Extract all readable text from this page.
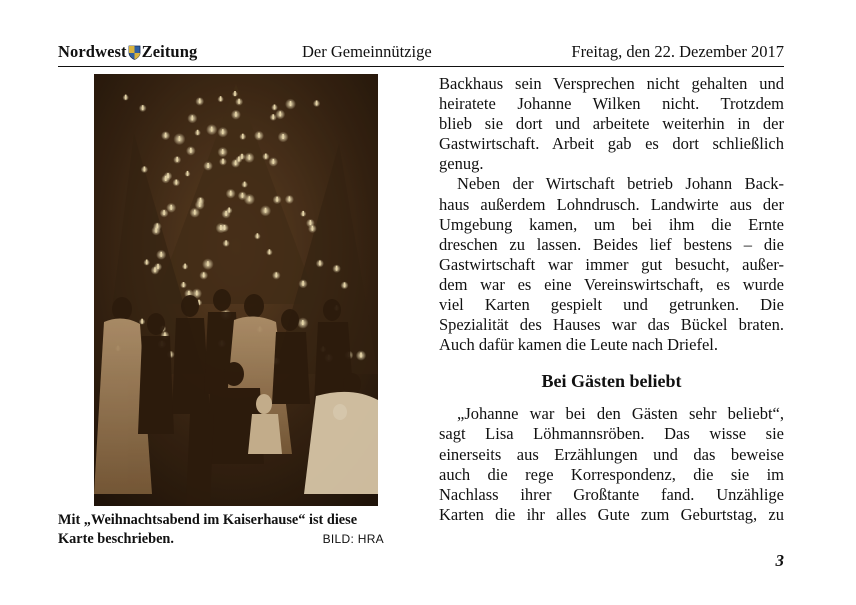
Nordwest Zeitung	Der Gemeinnützige	Freitag, den 22. Dezember 2017
Mit „Weihnachtsabend im Kaiserhause“ ist diese
Karte beschrieben.	BILD: HRA

Backhaus sein Versprechen nicht gehalten und
heiratete Johanne Wilken nicht. Trotzdem
blieb sie dort und arbeitete weiterhin in der
Gastwirtschaft. Arbeit gab es dort schließlich
genug.

Neben der Wirtschaft betrieb Johann Back-
haus außerdem Lohndrusch. Landwirte aus der
Umgebung kamen, um bei ihm die Ernte
dreschen zu lassen. Beides lief bestens – die
Gastwirtschaft war immer gut besucht, außer-
dem war es eine Vereinswirtschaft, es wurde
viel Karten gespielt und getrunken. Die
Spezialität des Hauses war das Bückel braten.
Auch dafür kamen die Leute nach Driefel.

Bei Gästen beliebt

„Johanne war bei den Gästen sehr beliebt“,
sagt Lisa Löhmannsröben. Das wisse sie
einerseits aus Erzählungen und das beweise
auch die rege Korrespondenz, die sie im
Nachlass ihrer Großtante fand. Unzählige
Karten die ihr alles Gute zum Geburtstag, zu

3
